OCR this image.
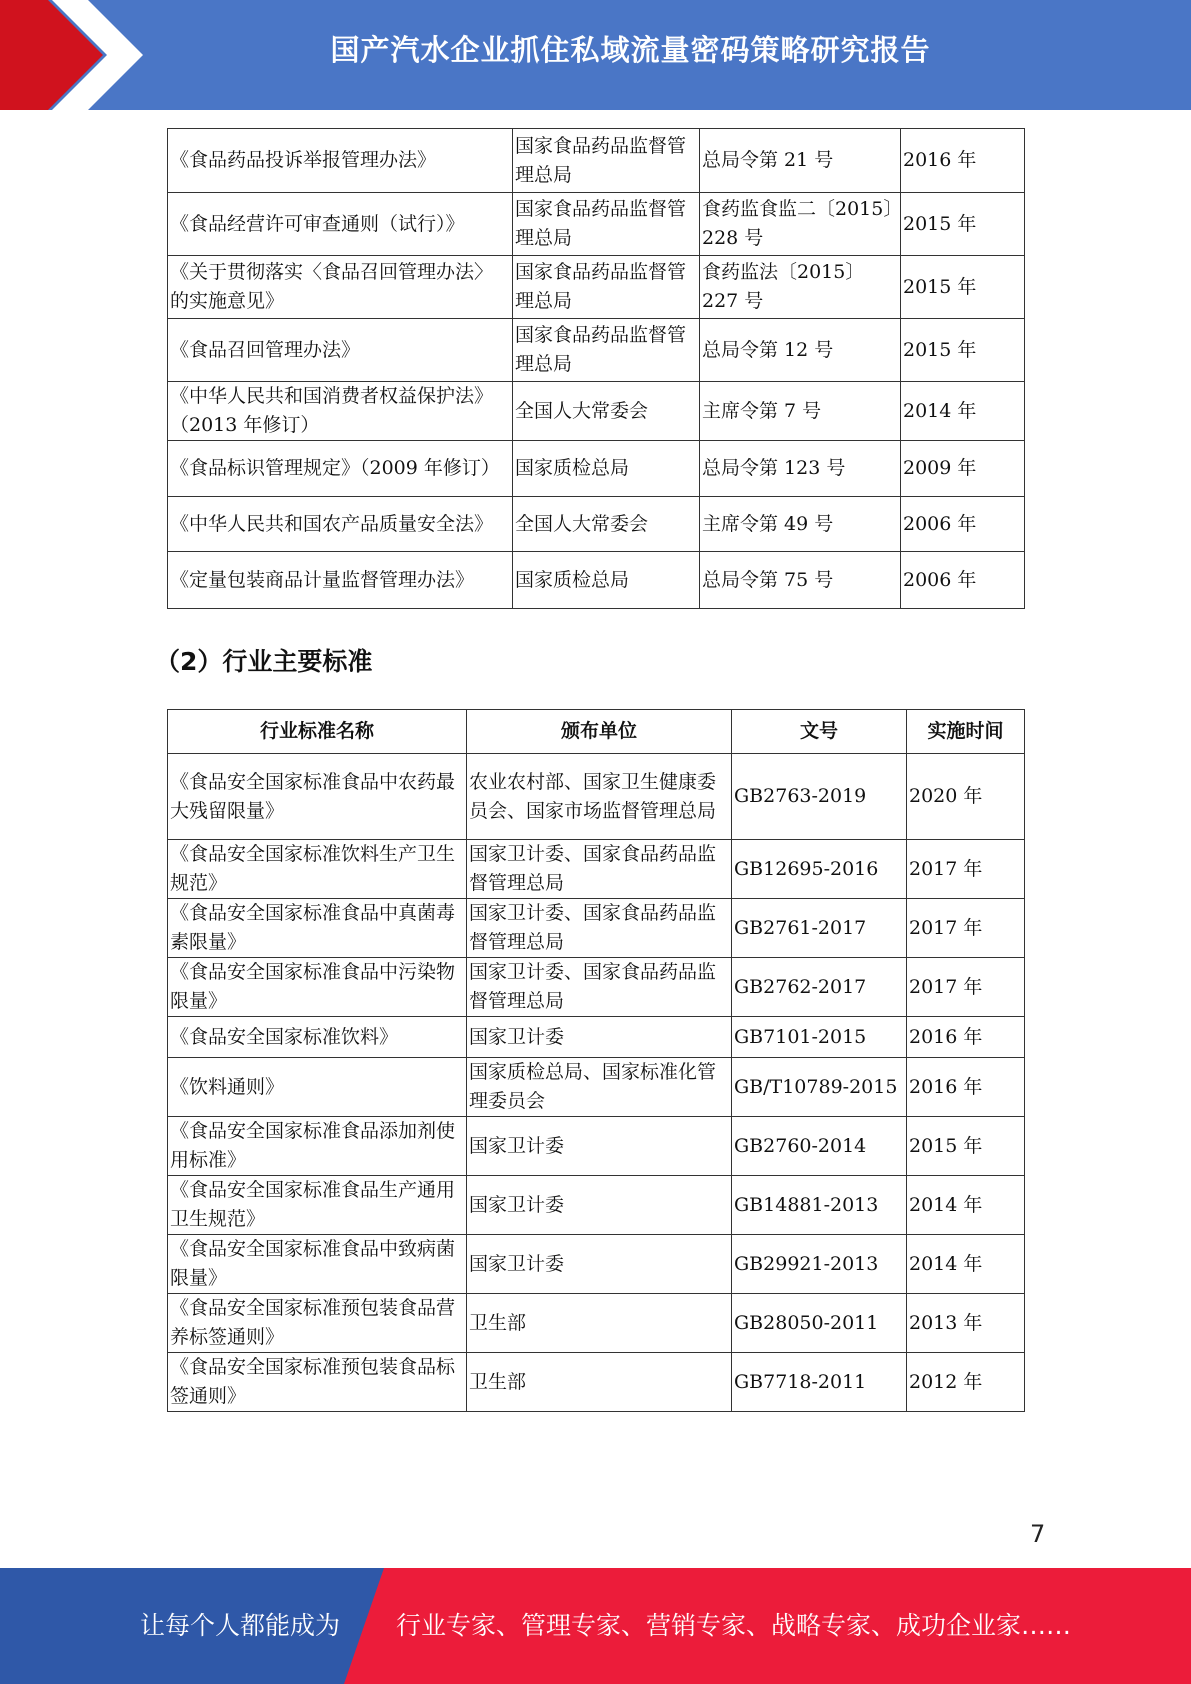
国产汽水企业抓住私域流量密码策略研究报告
《食品药品投诉举报管理办法》	国家食品药品监督管理总局	总局令第 21 号	2016 年
《食品经营许可审查通则（试行）》	国家食品药品监督管理总局	食药监食监二〔2015〕228 号	2015 年
《关于贯彻落实〈食品召回管理办法〉的实施意见》	国家食品药品监督管理总局	食药监法〔2015〕227 号	2015 年
《食品召回管理办法》	国家食品药品监督管理总局	总局令第 12 号	2015 年
《中华人民共和国消费者权益保护法》（2013 年修订）	全国人大常委会	主席令第 7 号	2014 年
《食品标识管理规定》（2009 年修订）	国家质检总局	总局令第 123 号	2009 年
《中华人民共和国农产品质量安全法》	全国人大常委会	主席令第 49 号	2006 年
《定量包装商品计量监督管理办法》	国家质检总局	总局令第 75 号	2006 年
（2）行业主要标准
行业标准名称	颁布单位	文号	实施时间
《食品安全国家标准食品中农药最大残留限量》	农业农村部、国家卫生健康委员会、国家市场监督管理总局	GB2763-2019	2020 年
《食品安全国家标准饮料生产卫生规范》	国家卫计委、国家食品药品监督管理总局	GB12695-2016	2017 年
《食品安全国家标准食品中真菌毒素限量》	国家卫计委、国家食品药品监督管理总局	GB2761-2017	2017 年
《食品安全国家标准食品中污染物限量》	国家卫计委、国家食品药品监督管理总局	GB2762-2017	2017 年
《食品安全国家标准饮料》	国家卫计委	GB7101-2015	2016 年
《饮料通则》	国家质检总局、国家标准化管理委员会	GB/T10789-2015	2016 年
《食品安全国家标准食品添加剂使用标准》	国家卫计委	GB2760-2014	2015 年
《食品安全国家标准食品生产通用卫生规范》	国家卫计委	GB14881-2013	2014 年
《食品安全国家标准食品中致病菌限量》	国家卫计委	GB29921-2013	2014 年
《食品安全国家标准预包装食品营养标签通则》	卫生部	GB28050-2011	2013 年
《食品安全国家标准预包装食品标签通则》	卫生部	GB7718-2011	2012 年
7
让每个人都能成为 行业专家、管理专家、营销专家、战略专家、成功企业家……
